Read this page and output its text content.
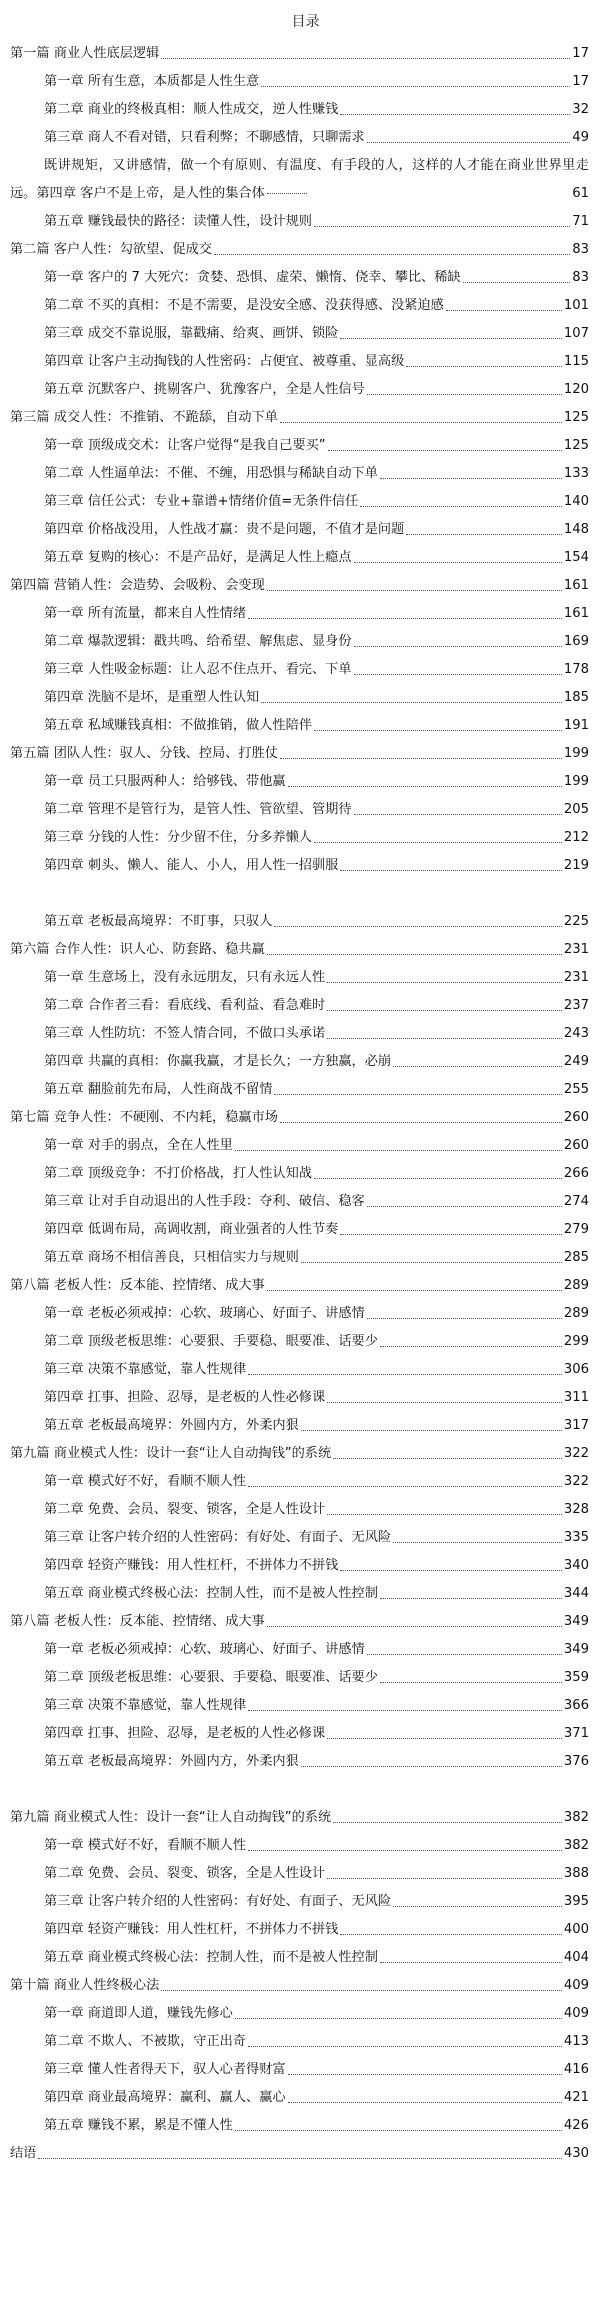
目录
第一篇 商业人性底层逻辑	17
第一章 所有生意，本质都是人性生意	17
第二章 商业的终极真相：顺人性成交，逆人性赚钱	32
第三章 商人不看对错，只看利弊；不聊感情，只聊需求	49
既讲规矩，又讲感情，做一个有原则、有温度、有手段的人，这样的人才能在商业世界里走远。第四章 客户不是上帝，是人性的集合体	61
第五章 赚钱最快的路径：读懂人性，设计规则	71
第二篇 客户人性：勾欲望、促成交	83
第一章 客户的 7 大死穴：贪婪、恐惧、虚荣、懒惰、侥幸、攀比、稀缺	83
第二章 不买的真相：不是不需要，是没安全感、没获得感、没紧迫感	101
第三章 成交不靠说服，靠戳痛、给爽、画饼、锁险	107
第四章 让客户主动掏钱的人性密码：占便宜、被尊重、显高级	115
第五章 沉默客户、挑剔客户、犹豫客户，全是人性信号	120
第三篇 成交人性：不推销、不跪舔，自动下单	125
第一章 顶级成交术：让客户觉得“是我自己要买”	125
第二章 人性逼单法：不催、不缠，用恐惧与稀缺自动下单	133
第三章 信任公式：专业+靠谱+情绪价值=无条件信任	140
第四章 价格战没用，人性战才赢：贵不是问题，不值才是问题	148
第五章 复购的核心：不是产品好，是满足人性上瘾点	154
第四篇 营销人性：会造势、会吸粉、会变现	161
第一章 所有流量，都来自人性情绪	161
第二章 爆款逻辑：戳共鸣、给希望、解焦虑、显身份	169
第三章 人性吸金标题：让人忍不住点开、看完、下单	178
第四章 洗脑不是坏，是重塑人性认知	185
第五章 私域赚钱真相：不做推销，做人性陪伴	191
第五篇 团队人性：驭人、分钱、控局、打胜仗	199
第一章 员工只服两种人：给够钱、带他赢	199
第二章 管理不是管行为，是管人性、管欲望、管期待	205
第三章 分钱的人性：分少留不住，分多养懒人	212
第四章 刺头、懒人、能人、小人，用人性一招驯服	219
第五章 老板最高境界：不盯事，只驭人	225
第六篇 合作人性：识人心、防套路、稳共赢	231
第一章 生意场上，没有永远朋友，只有永远人性	231
第二章 合作者三看：看底线、看利益、看急难时	237
第三章 人性防坑：不签人情合同，不做口头承诺	243
第四章 共赢的真相：你赢我赢，才是长久；一方独赢，必崩	249
第五章 翻脸前先布局，人性商战不留情	255
第七篇 竞争人性：不硬刚、不内耗，稳赢市场	260
第一章 对手的弱点，全在人性里	260
第二章 顶级竞争：不打价格战，打人性认知战	266
第三章 让对手自动退出的人性手段：夺利、破信、稳客	274
第四章 低调布局，高调收割，商业强者的人性节奏	279
第五章 商场不相信善良，只相信实力与规则	285
第八篇 老板人性：反本能、控情绪、成大事	289
第一章 老板必须戒掉：心软、玻璃心、好面子、讲感情	289
第二章 顶级老板思维：心要狠、手要稳、眼要准、话要少	299
第三章 决策不靠感觉，靠人性规律	306
第四章 扛事、担险、忍辱，是老板的人性必修课	311
第五章 老板最高境界：外圆内方，外柔内狠	317
第九篇 商业模式人性：设计一套“让人自动掏钱”的系统	322
第一章 模式好不好，看顺不顺人性	322
第二章 免费、会员、裂变、锁客，全是人性设计	328
第三章 让客户转介绍的人性密码：有好处、有面子、无风险	335
第四章 轻资产赚钱：用人性杠杆，不拼体力不拼钱	340
第五章 商业模式终极心法：控制人性，而不是被人性控制	344
第八篇 老板人性：反本能、控情绪、成大事	349
第一章 老板必须戒掉：心软、玻璃心、好面子、讲感情	349
第二章 顶级老板思维：心要狠、手要稳、眼要准、话要少	359
第三章 决策不靠感觉，靠人性规律	366
第四章 扛事、担险、忍辱，是老板的人性必修课	371
第五章 老板最高境界：外圆内方，外柔内狠	376
第九篇 商业模式人性：设计一套“让人自动掏钱”的系统	382
第一章 模式好不好，看顺不顺人性	382
第二章 免费、会员、裂变、锁客，全是人性设计	388
第三章 让客户转介绍的人性密码：有好处、有面子、无风险	395
第四章 轻资产赚钱：用人性杠杆，不拼体力不拼钱	400
第五章 商业模式终极心法：控制人性，而不是被人性控制	404
第十篇 商业人性终极心法	409
第一章 商道即人道，赚钱先修心	409
第二章 不欺人、不被欺，守正出奇	413
第三章 懂人性者得天下，驭人心者得财富	416
第四章 商业最高境界：赢利、赢人、赢心	421
第五章 赚钱不累，累是不懂人性	426
结语	430
